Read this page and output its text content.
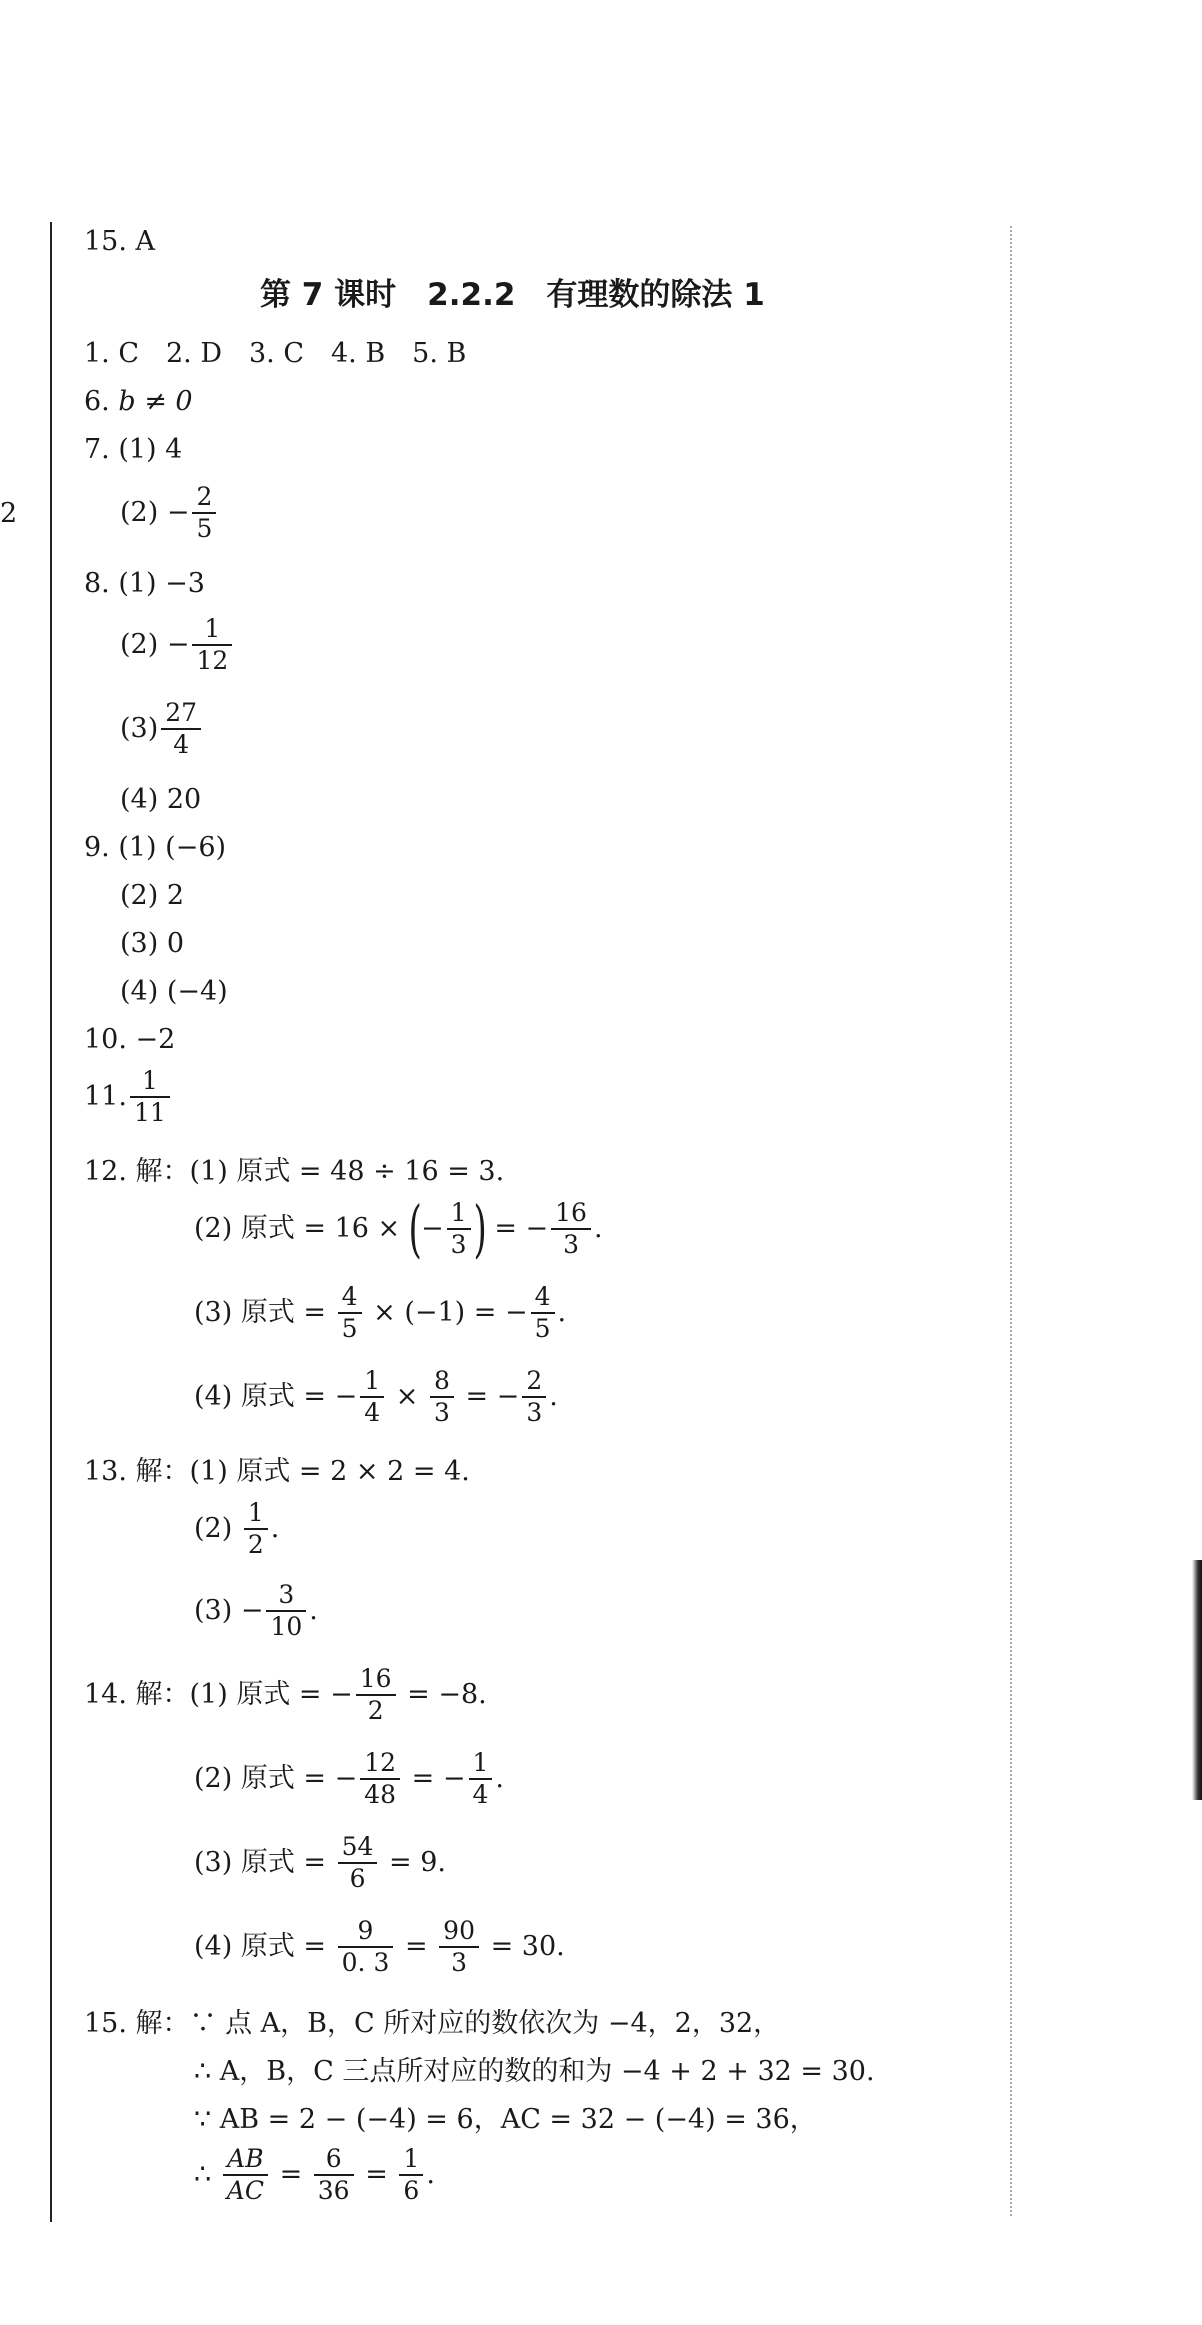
2
15. A
第 7 课时　2.2.2　有理数的除法 1
1. C　2. D　3. C　4. B　5. B
6. b ≠ 0
7. (1) 4
$(2) - \frac{2}{5}$
8. (1) −3
$(2) - \frac{1}{12}$
$(3) \frac{27}{4}$
(4) 20
9. (1) (−6)
(2) 2
(3) 0
(4) (−4)
10. −2
11. $\frac{1}{11}$
12. 解：(1) 原式 = 48 ÷ 16 = 3.
(2) 原式 = 16 × (− $\frac{1}{3}$ ) = − $\frac{16}{3}$ .
(3) 原式 = $\frac{4}{5} \times (-1)$ = − $\frac{4}{5}$ .
(4) 原式 = − $\frac{1}{4} \times \frac{8}{3}$ = − $\frac{2}{3}$ .
13. 解：(1) 原式 = 2 × 2 = 4.
$(2) \frac{1}{2}$ .
$(3) - \frac{3}{10}$ .
14. 解：(1) 原式 = − $\frac{16}{2} = -8$.
(2) 原式 = − $\frac{12}{48}$ = − $\frac{1}{4}$ .
(3) 原式 = $\frac{54}{6} = 9$.
(4) 原式 = $\frac{9}{0. 3} = \frac{90}{3} = 30$.
15. 解：∵ 点 A，B，C 所对应的数依次为 −4，2，32，
∴ A，B，C 三点所对应的数的和为 −4 + 2 + 32 = 30.
∵ AB = 2 − (−4) = 6，AC = 32 − (−4) = 36，
∴ $\frac{AB}{AC} = \frac{6}{36} = \frac{1}{6}$ .
